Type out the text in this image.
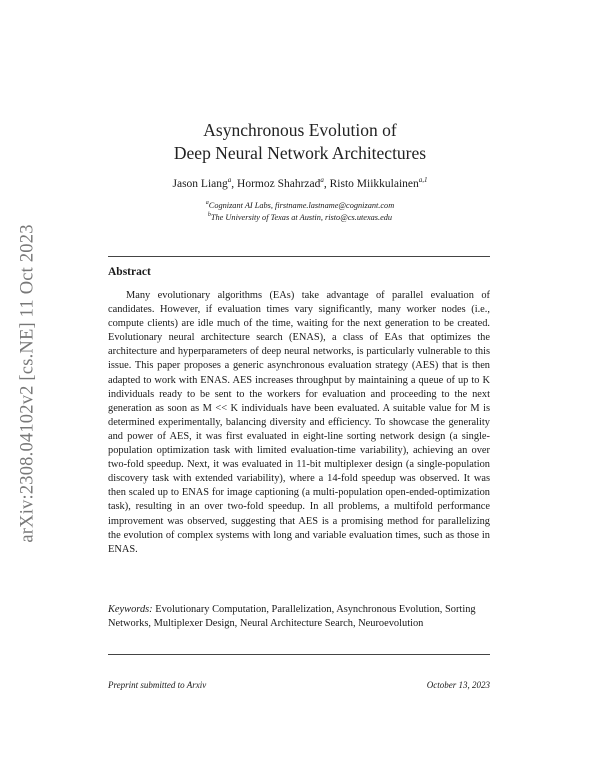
arXiv:2308.04102v2 [cs.NE] 11 Oct 2023
Asynchronous Evolution of
Deep Neural Network Architectures
Jason Liang$^a$, Hormoz Shahrzad$^a$, Risto Miikkulainen$^{a,1}$
$^a$Cognizant AI Labs, firstname.lastname@cognizant.com
$^b$The University of Texas at Austin, risto@cs.utexas.edu
Abstract

Many evolutionary algorithms (EAs) take advantage of parallel evaluation of candidates. However, if evaluation times vary significantly, many worker nodes (i.e., compute clients) are idle much of the time, waiting for the next generation to be created. Evolutionary neural architecture search (ENAS), a class of EAs that optimizes the architecture and hyperparameters of deep neural networks, is particularly vulnerable to this issue. This paper proposes a generic asynchronous evaluation strategy (AES) that is then adapted to work with ENAS. AES increases throughput by maintaining a queue of up to K individuals ready to be sent to the workers for evaluation and proceeding to the next generation as soon as M << K individuals have been evaluated. A suitable value for M is determined experimentally, balancing diversity and efficiency. To showcase the generality and power of AES, it was first evaluated in eight-line sorting network design (a single-population optimization task with limited evaluation-time variability), achieving an over two-fold speedup. Next, it was evaluated in 11-bit multiplexer design (a single-population discovery task with extended variability), where a 14-fold speedup was observed. It was then scaled up to ENAS for image captioning (a multi-population open-ended-optimization task), resulting in an over two-fold speedup. In all problems, a multifold performance improvement was observed, suggesting that AES is a promising method for parallelizing the evolution of complex systems with long and variable evaluation times, such as those in ENAS.

Keywords: Evolutionary Computation, Parallelization, Asynchronous Evolution, Sorting Networks, Multiplexer Design, Neural Architecture Search, Neuroevolution

Preprint submitted to Arxiv	October 13, 2023
